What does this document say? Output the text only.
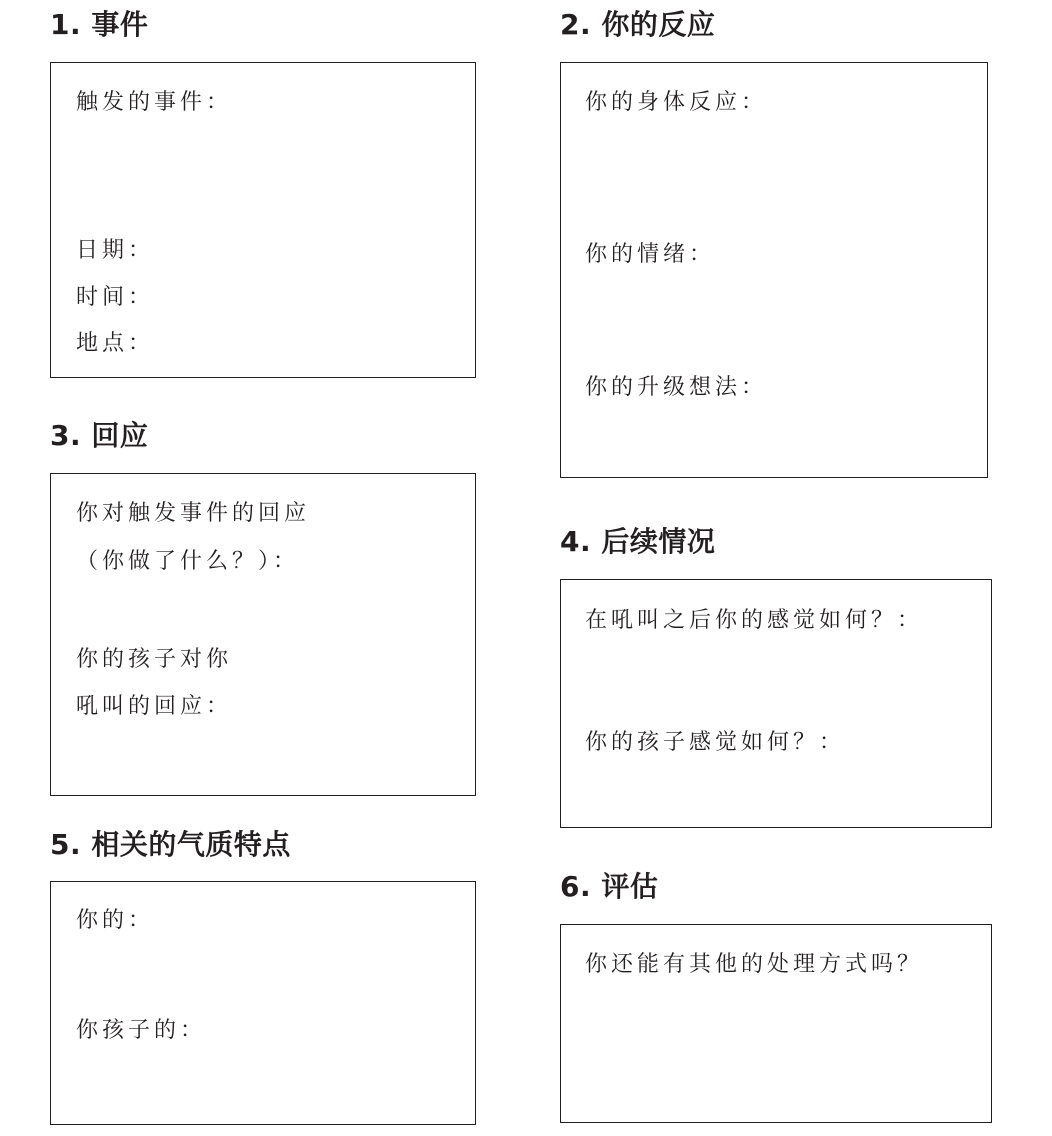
1. 事件

触发的事件：

日期：

时间：

地点：

2. 你的反应

你的身体反应：

你的情绪：

你的升级想法：

3. 回应

你对触发事件的回应

（你做了什么？）：

你的孩子对你

吼叫的回应：

4. 后续情况

在吼叫之后你的感觉如何？：

你的孩子感觉如何？：

5. 相关的气质特点

你的：

你孩子的：

6. 评估

你还能有其他的处理方式吗？
